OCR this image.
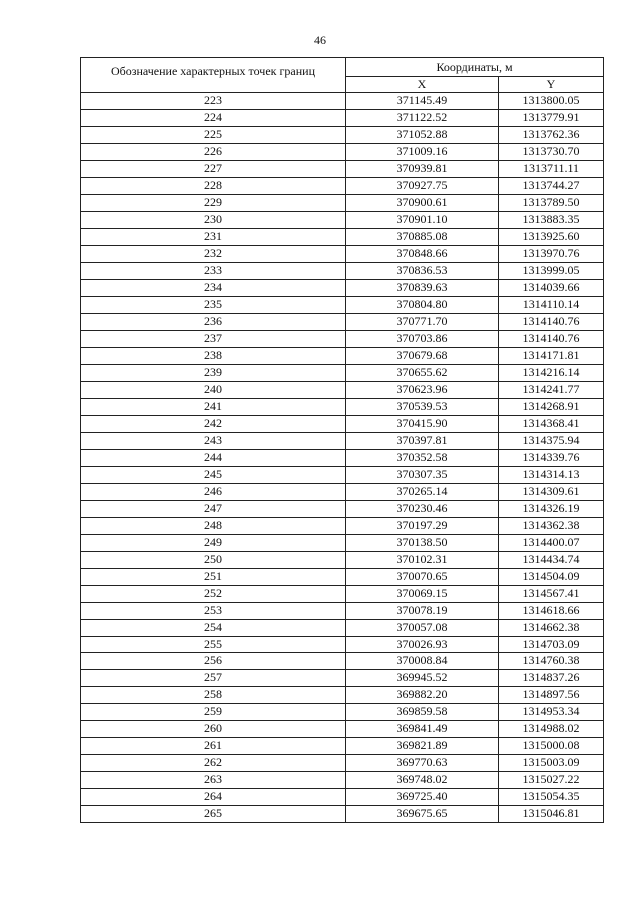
46
Обозначение характерных точек границ	Координаты, м	
	X	Y
223	371145.49	1313800.05
224	371122.52	1313779.91
225	371052.88	1313762.36
226	371009.16	1313730.70
227	370939.81	1313711.11
228	370927.75	1313744.27
229	370900.61	1313789.50
230	370901.10	1313883.35
231	370885.08	1313925.60
232	370848.66	1313970.76
233	370836.53	1313999.05
234	370839.63	1314039.66
235	370804.80	1314110.14
236	370771.70	1314140.76
237	370703.86	1314140.76
238	370679.68	1314171.81
239	370655.62	1314216.14
240	370623.96	1314241.77
241	370539.53	1314268.91
242	370415.90	1314368.41
243	370397.81	1314375.94
244	370352.58	1314339.76
245	370307.35	1314314.13
246	370265.14	1314309.61
247	370230.46	1314326.19
248	370197.29	1314362.38
249	370138.50	1314400.07
250	370102.31	1314434.74
251	370070.65	1314504.09
252	370069.15	1314567.41
253	370078.19	1314618.66
254	370057.08	1314662.38
255	370026.93	1314703.09
256	370008.84	1314760.38
257	369945.52	1314837.26
258	369882.20	1314897.56
259	369859.58	1314953.34
260	369841.49	1314988.02
261	369821.89	1315000.08
262	369770.63	1315003.09
263	369748.02	1315027.22
264	369725.40	1315054.35
265	369675.65	1315046.81
